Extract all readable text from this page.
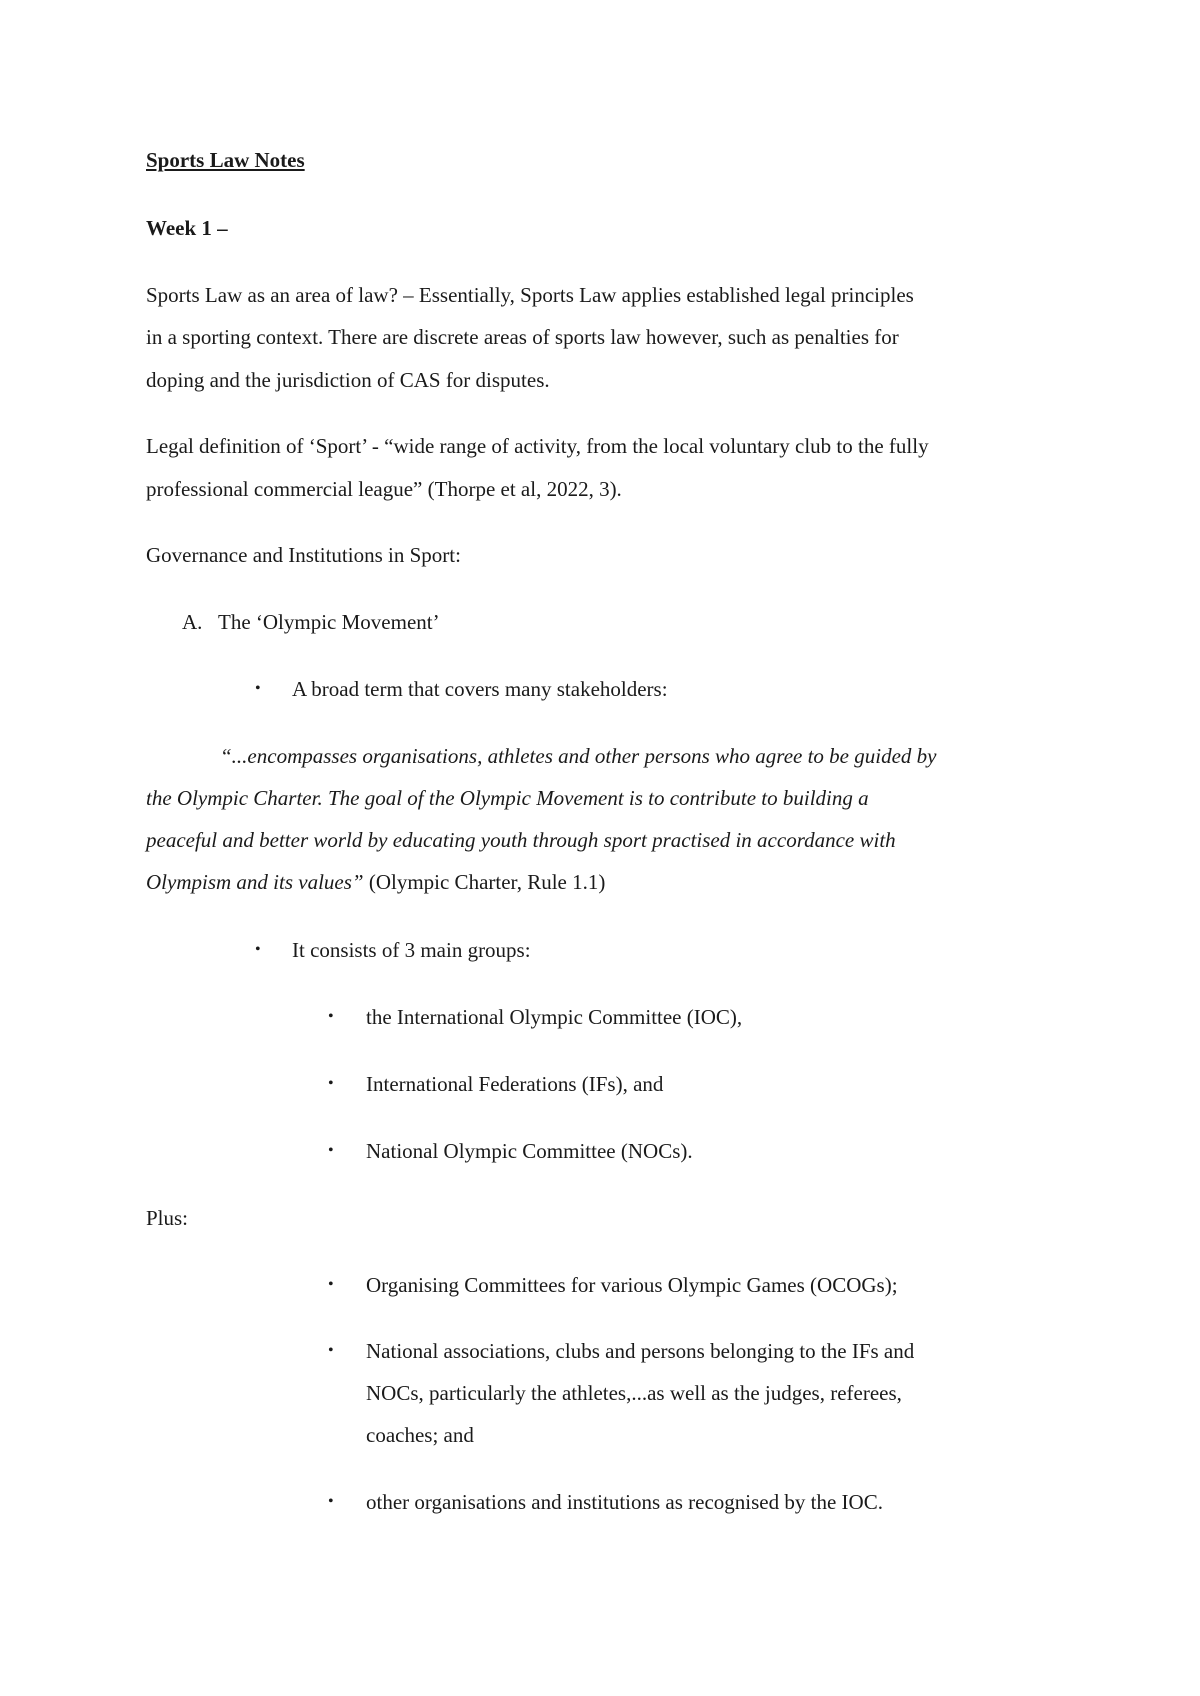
Sports Law Notes

Week 1 –

Sports Law as an area of law? – Essentially, Sports Law applies established legal principles

in a sporting context. There are discrete areas of sports law however, such as penalties for

doping and the jurisdiction of CAS for disputes.

Legal definition of ‘Sport’ - “wide range of activity, from the local voluntary club to the fully

professional commercial league” (Thorpe et al, 2022, 3).

Governance and Institutions in Sport:

A. The ‘Olympic Movement’
• A broad term that covers many stakeholders:

“...encompasses organisations, athletes and other persons who agree to be guided by

the Olympic Charter. The goal of the Olympic Movement is to contribute to building a

peaceful and better world by educating youth through sport practised in accordance with

Olympism and its values” (Olympic Charter, Rule 1.1)

• It consists of 3 main groups:
• the International Olympic Committee (IOC),
• International Federations (IFs), and
• National Olympic Committee (NOCs).

Plus:

• Organising Committees for various Olympic Games (OCOGs);
• National associations, clubs and persons belonging to the IFs and
NOCs, particularly the athletes,...as well as the judges, referees,
coaches; and
• other organisations and institutions as recognised by the IOC.
